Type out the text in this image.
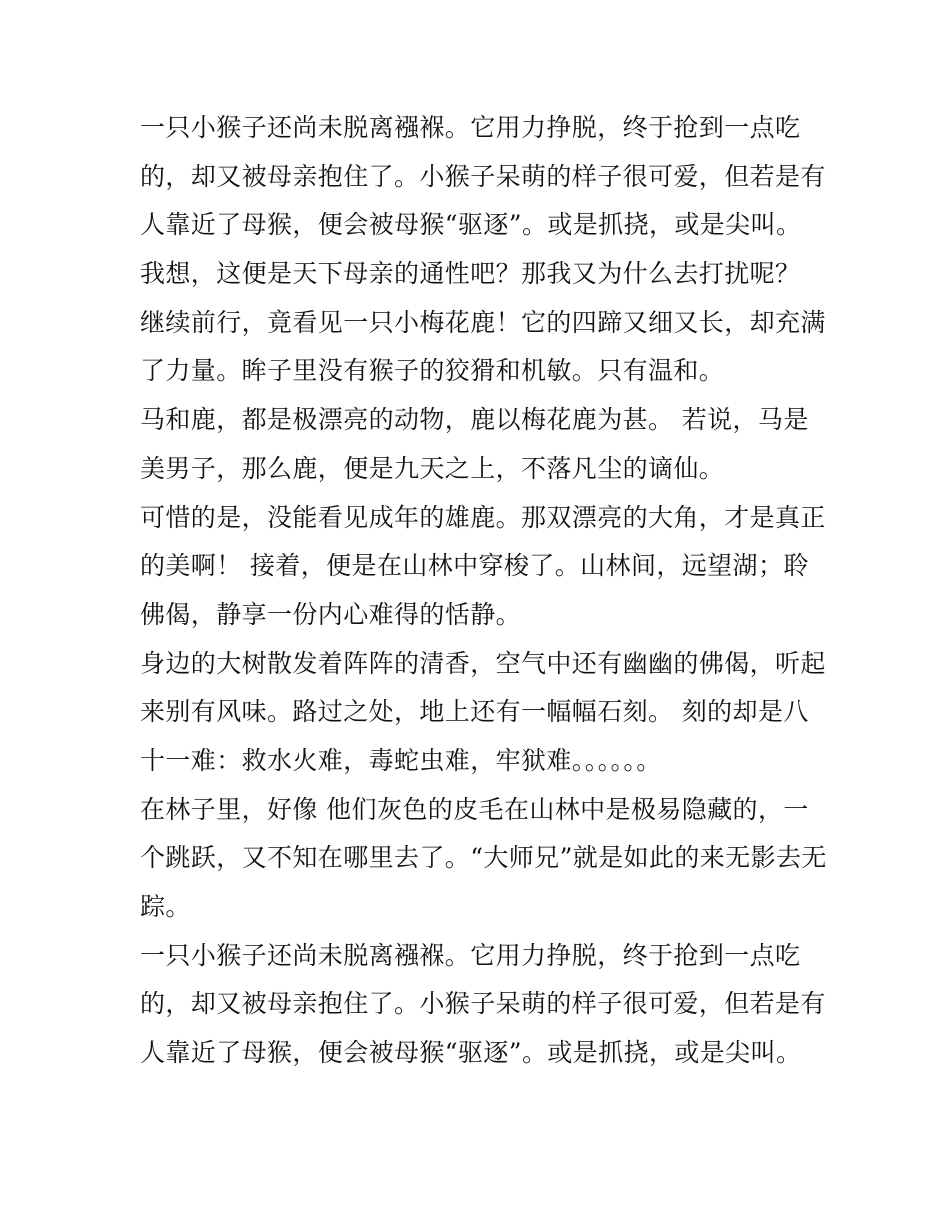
一只小猴子还尚未脱离襁褓。它用力挣脱，终于抢到一点吃
的，却又被母亲抱住了。小猴子呆萌的样子很可爱，但若是有
人靠近了母猴，便会被母猴“驱逐”。或是抓挠，或是尖叫。
我想，这便是天下母亲的通性吧？那我又为什么去打扰呢？
继续前行，竟看见一只小梅花鹿！它的四蹄又细又长，却充满
了力量。眸子里没有猴子的狡猾和机敏。只有温和。
马和鹿，都是极漂亮的动物，鹿以梅花鹿为甚。 若说，马是
美男子，那么鹿，便是九天之上，不落凡尘的谪仙。
可惜的是，没能看见成年的雄鹿。那双漂亮的大角，才是真正
的美啊！ 接着，便是在山林中穿梭了。山林间，远望湖；聆
佛偈，静享一份内心难得的恬静。
身边的大树散发着阵阵的清香，空气中还有幽幽的佛偈，听起
来别有风味。路过之处，地上还有一幅幅石刻。 刻的却是八
十一难：救水火难，毒蛇虫难，牢狱难。。。。。。
在林子里，好像 他们灰色的皮毛在山林中是极易隐藏的，一
个跳跃，又不知在哪里去了。“大师兄”就是如此的来无影去无
踪。
一只小猴子还尚未脱离襁褓。它用力挣脱，终于抢到一点吃
的，却又被母亲抱住了。小猴子呆萌的样子很可爱，但若是有
人靠近了母猴，便会被母猴“驱逐”。或是抓挠，或是尖叫。
